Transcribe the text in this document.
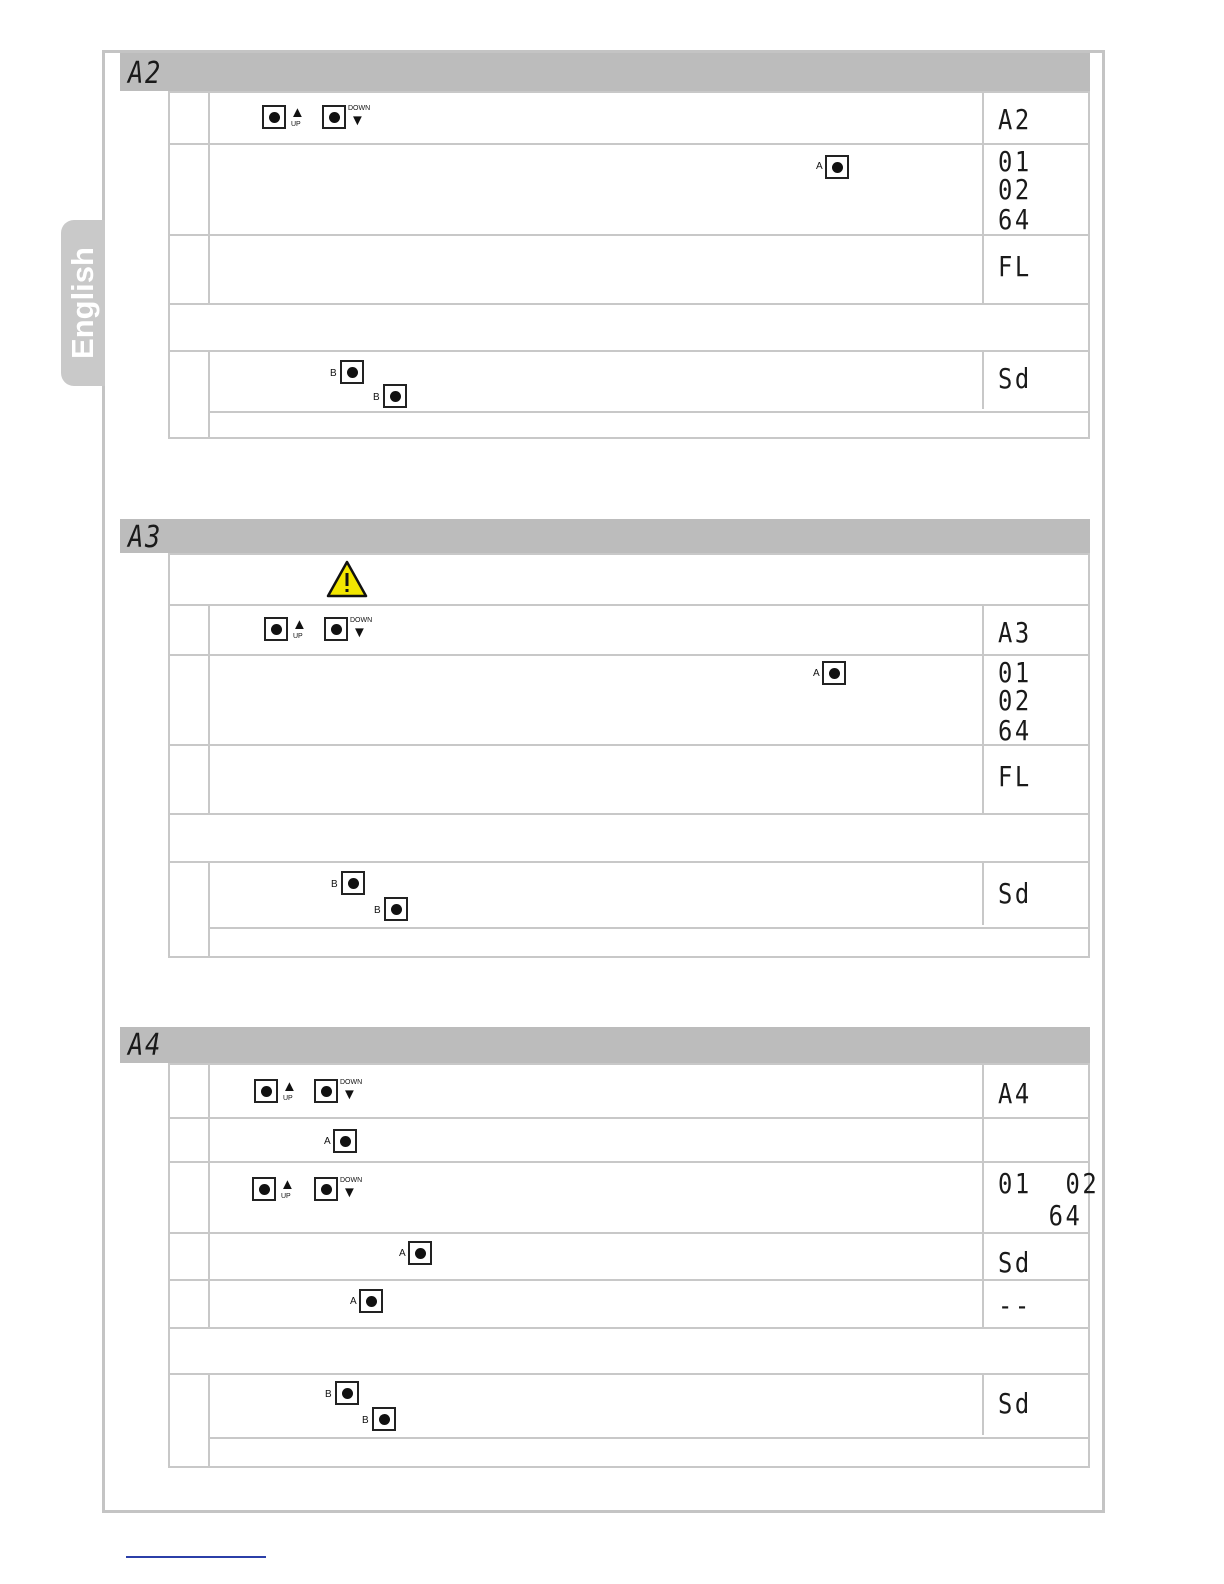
English
A2
▲
UP
DOWN
▼	A2
A	01
02
64
FL
B
B
Sd
A3
▲
UP
DOWN
▼	A3
A	01
02
64
FL
B
B
Sd
A4
▲
UP
DOWN
▼	A4
A
▲
UP
DOWN
▼	01  02
64
A	Sd
A	--
B
B
Sd
